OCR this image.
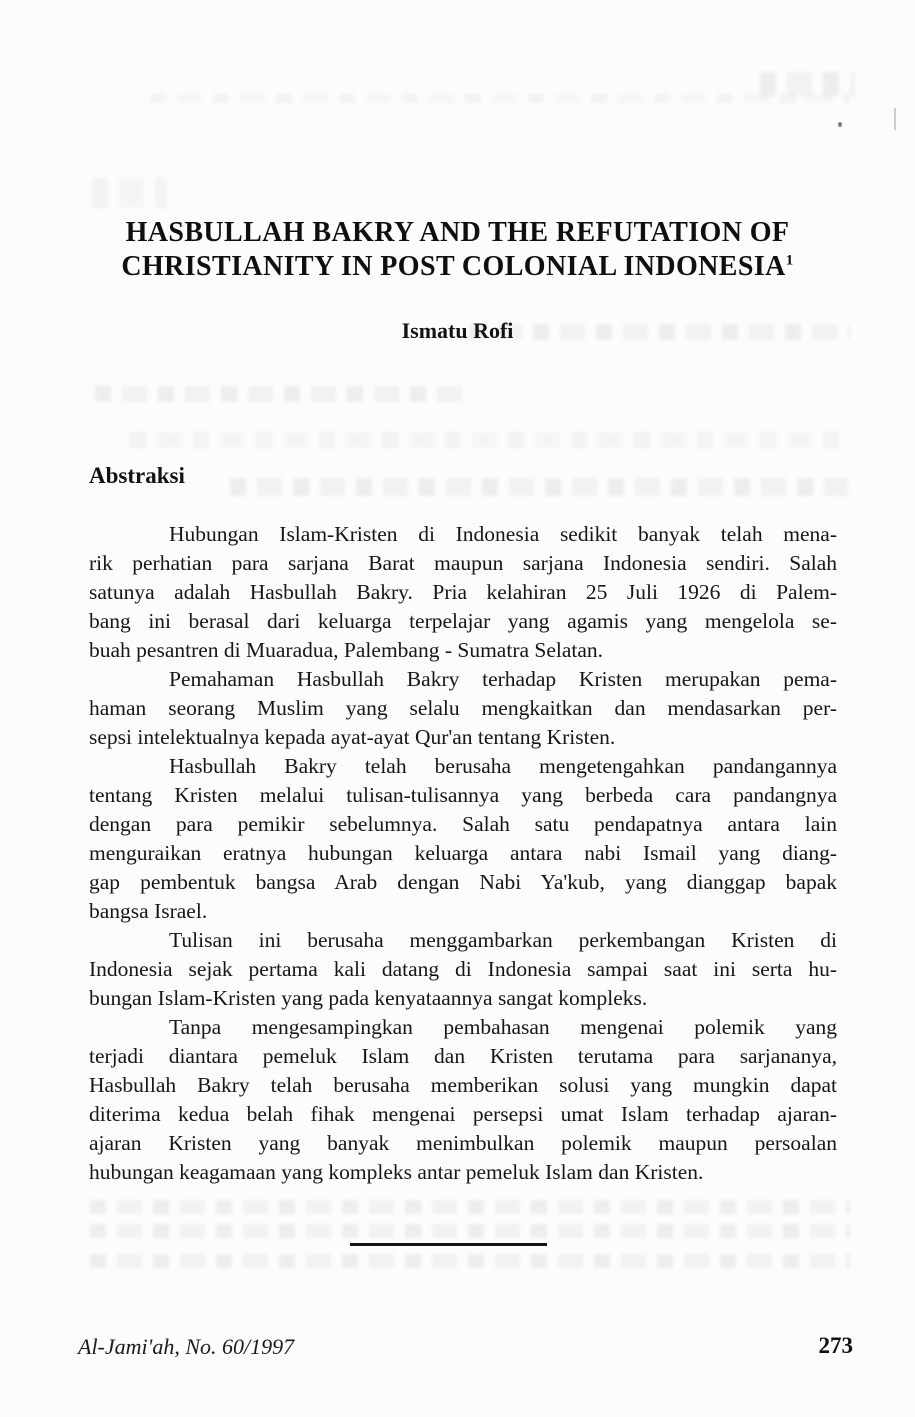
HASBULLAH BAKRY AND THE REFUTATION OF
CHRISTIANITY IN POST COLONIAL INDONESIA$^1$
Ismatu Rofi
Abstraksi
Hubungan Islam-Kristen di Indonesia sedikit banyak telah mena-
rik perhatian para sarjana Barat maupun sarjana Indonesia sendiri. Salah
satunya adalah Hasbullah Bakry. Pria kelahiran 25 Juli 1926 di Palem-
bang ini berasal dari keluarga terpelajar yang agamis yang mengelola se-
buah pesantren di Muaradua, Palembang - Sumatra Selatan.
Pemahaman Hasbullah Bakry terhadap Kristen merupakan pema-
haman seorang Muslim yang selalu mengkaitkan dan mendasarkan per-
sepsi intelektualnya kepada ayat-ayat Qur'an tentang Kristen.
Hasbullah Bakry telah berusaha mengetengahkan pandangannya
tentang Kristen melalui tulisan-tulisannya yang berbeda cara pandangnya
dengan para pemikir sebelumnya. Salah satu pendapatnya antara lain
menguraikan eratnya hubungan keluarga antara nabi Ismail yang diang-
gap pembentuk bangsa Arab dengan Nabi Ya'kub, yang dianggap bapak
bangsa Israel.
Tulisan ini berusaha menggambarkan perkembangan Kristen di
Indonesia sejak pertama kali datang di Indonesia sampai saat ini serta hu-
bungan Islam-Kristen yang pada kenyataannya sangat kompleks.
Tanpa mengesampingkan pembahasan mengenai polemik yang
terjadi diantara pemeluk Islam dan Kristen terutama para sarjananya,
Hasbullah Bakry telah berusaha memberikan solusi yang mungkin dapat
diterima kedua belah fihak mengenai persepsi umat Islam terhadap ajaran-
ajaran Kristen yang banyak menimbulkan polemik maupun persoalan
hubungan keagamaan yang kompleks antar pemeluk Islam dan Kristen.
Al-Jami'ah, No. 60/1997	273
